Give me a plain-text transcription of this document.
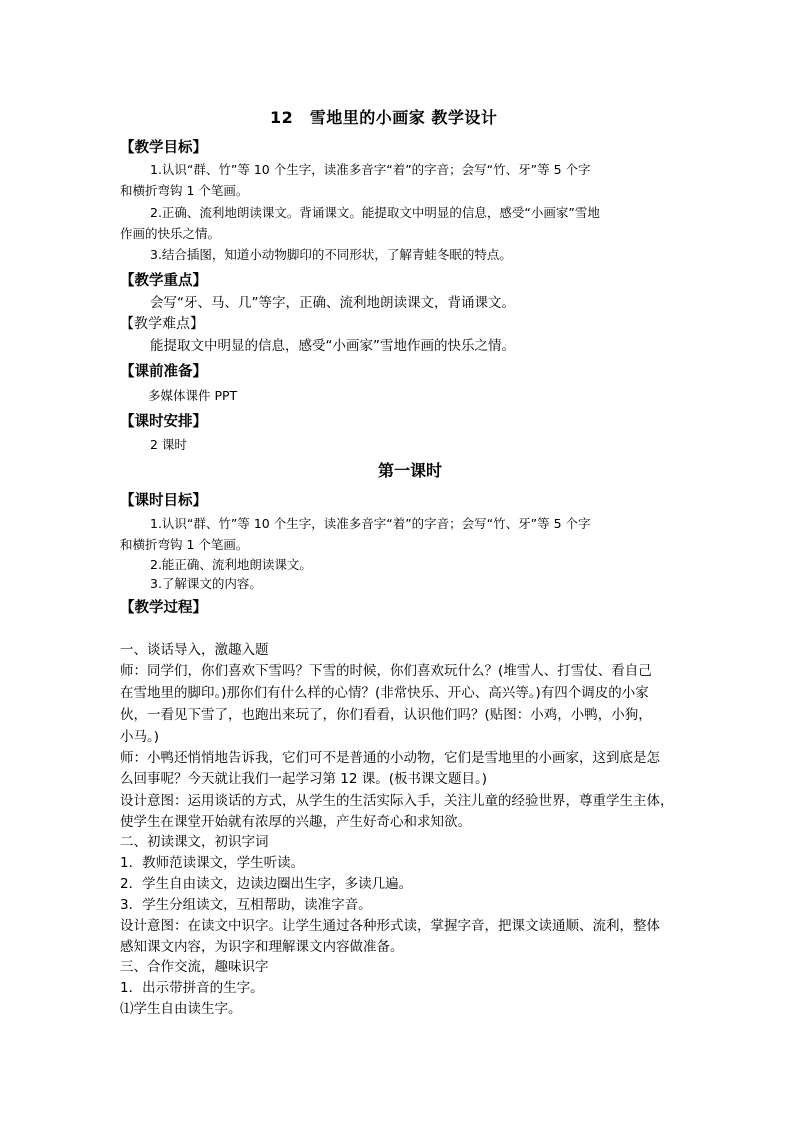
12　雪地里的小画家 教学设计
【教学目标】
1.认识“群、竹”等 10 个生字，读准多音字“着”的字音；会写“竹、牙”等 5 个字
和横折弯钩 1 个笔画。
2.正确、流利地朗读课文。背诵课文。能提取文中明显的信息，感受“小画家”雪地
作画的快乐之情。
3.结合插图，知道小动物脚印的不同形状，了解青蛙冬眠的特点。
【教学重点】
会写“牙、马、几”等字，正确、流利地朗读课文，背诵课文。
【教学难点】
能提取文中明显的信息，感受“小画家”雪地作画的快乐之情。
【课前准备】
多媒体课件 PPT
【课时安排】
2 课时
第一课时
【课时目标】
1.认识“群、竹”等 10 个生字，读准多音字“着”的字音；会写“竹、牙”等 5 个字
和横折弯钩 1 个笔画。
2.能正确、流利地朗读课文。
3.了解课文的内容。
【教学过程】
一、谈话导入，激趣入题
师：同学们，你们喜欢下雪吗？下雪的时候，你们喜欢玩什么？(堆雪人、打雪仗、看自己
在雪地里的脚印。)那你们有什么样的心情？(非常快乐、开心、高兴等。)有四个调皮的小家
伙，一看见下雪了，也跑出来玩了，你们看看，认识他们吗？(贴图：小鸡，小鸭，小狗，
小马。)
师：小鸭还悄悄地告诉我，它们可不是普通的小动物，它们是雪地里的小画家，这到底是怎
么回事呢？今天就让我们一起学习第 12 课。(板书课文题目。)
设计意图：运用谈话的方式，从学生的生活实际入手，关注儿童的经验世界，尊重学生主体，
使学生在课堂开始就有浓厚的兴趣，产生好奇心和求知欲。
二、初读课文，初识字词
1．教师范读课文，学生听读。
2．学生自由读文，边读边圈出生字，多读几遍。
3．学生分组读文，互相帮助，读准字音。
设计意图：在读文中识字。让学生通过各种形式读，掌握字音，把课文读通顺、流利，整体
感知课文内容，为识字和理解课文内容做准备。
三、合作交流，趣味识字
1．出示带拼音的生字。
⑴学生自由读生字。
